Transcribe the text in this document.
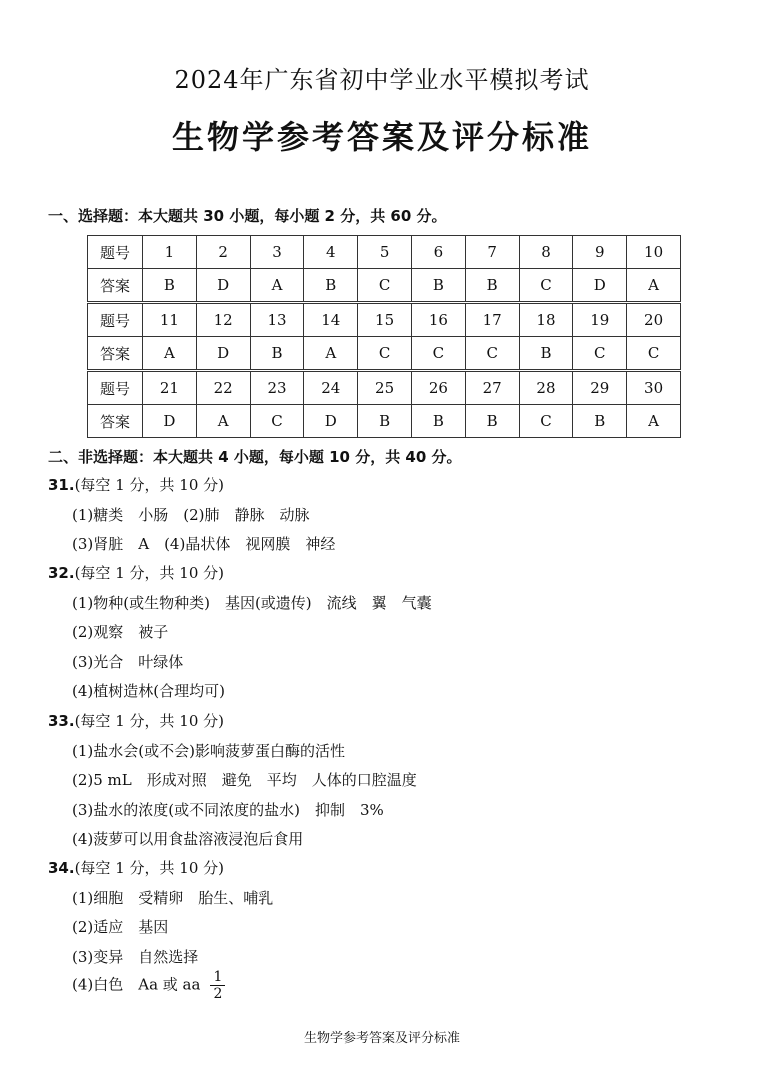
2024年广东省初中学业水平模拟考试
生物学参考答案及评分标准
一、选择题：本大题共 30 小题，每小题 2 分，共 60 分。
题号	1	2	3	4	5	6	7	8	9	10
答案	B	D	A	B	C	B	B	C	D	A
题号	11	12	13	14	15	16	17	18	19	20
答案	A	D	B	A	C	C	C	B	C	C
题号	21	22	23	24	25	26	27	28	29	30
答案	D	A	C	D	B	B	B	C	B	A
二、非选择题：本大题共 4 小题，每小题 10 分，共 40 分。
31.(每空 1 分，共 10 分)
(1)糖类　小肠　(2)肺　静脉　动脉
(3)肾脏　A　(4)晶状体　视网膜　神经
32.(每空 1 分，共 10 分)
(1)物种(或生物种类)　基因(或遗传)　流线　翼　气囊
(2)观察　被子
(3)光合　叶绿体
(4)植树造林(合理均可)
33.(每空 1 分，共 10 分)
(1)盐水会(或不会)影响菠萝蛋白酶的活性
(2)5 mL　形成对照　避免　平均　人体的口腔温度
(3)盐水的浓度(或不同浓度的盐水)　抑制　3%
(4)菠萝可以用食盐溶液浸泡后食用
34.(每空 1 分，共 10 分)
(1)细胞　受精卵　胎生、哺乳
(2)适应　基因
(3)变异　自然选择
(4)白色　Aa 或 aa $\frac{1}{2}$
生物学参考答案及评分标准
